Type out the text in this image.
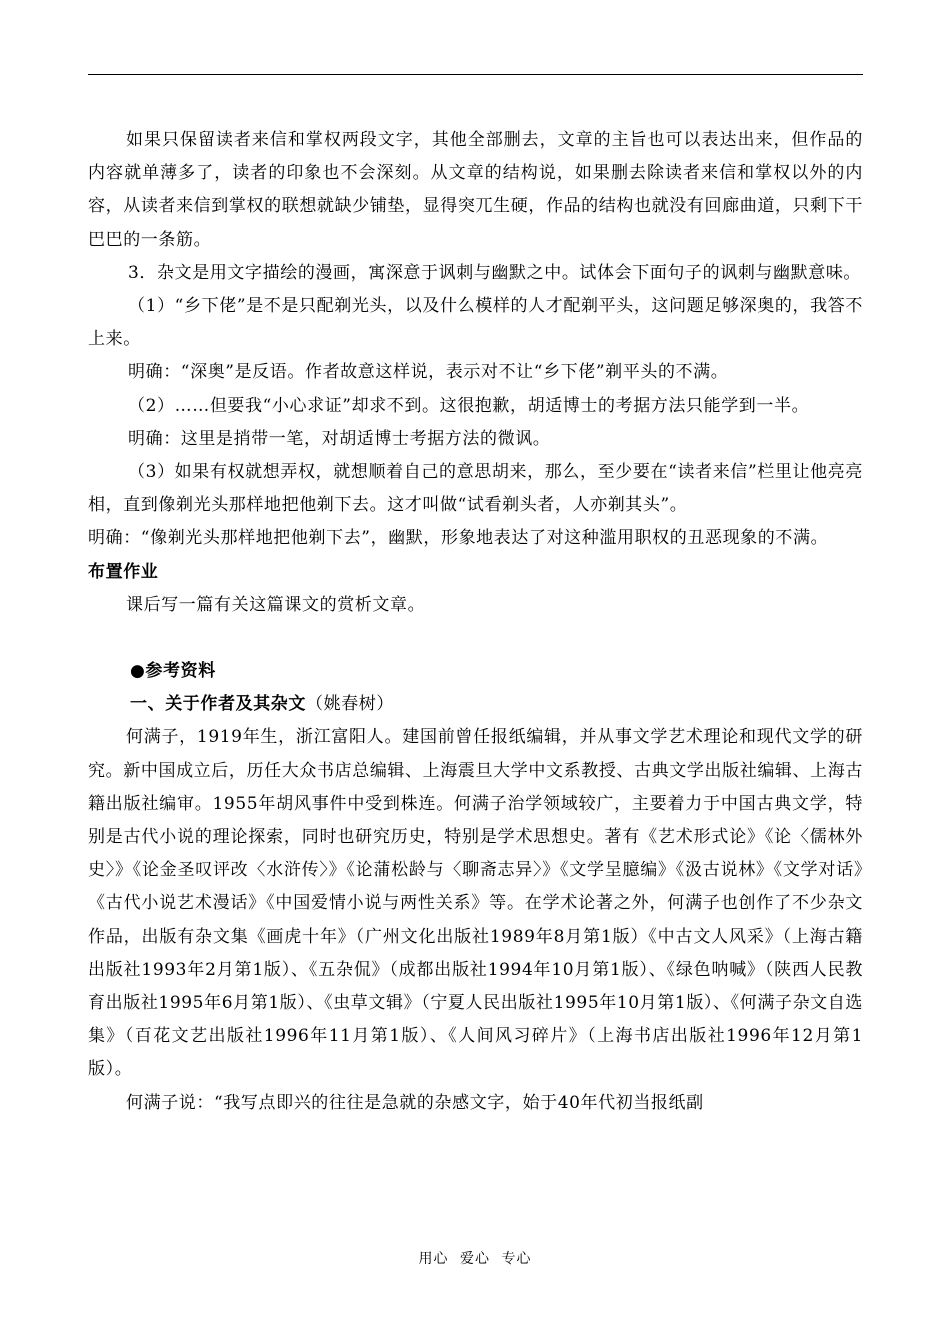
如果只保留读者来信和掌权两段文字，其他全部删去，文章的主旨也可以表达出来，但作品的内容就单薄多了，读者的印象也不会深刻。从文章的结构说，如果删去除读者来信和掌权以外的内容，从读者来信到掌权的联想就缺少铺垫，显得突兀生硬，作品的结构也就没有回廊曲道，只剩下干巴巴的一条筋。

3．杂文是用文字描绘的漫画，寓深意于讽刺与幽默之中。试体会下面句子的讽刺与幽默意味。

（1）“乡下佬”是不是只配剃光头，以及什么模样的人才配剃平头，这问题足够深奥的，我答不上来。

明确：“深奥”是反语。作者故意这样说，表示对不让“乡下佬”剃平头的不满。

（2）……但要我“小心求证”却求不到。这很抱歉，胡适博士的考据方法只能学到一半。

明确：这里是捎带一笔，对胡适博士考据方法的微讽。

（3）如果有权就想弄权，就想顺着自己的意思胡来，那么，至少要在“读者来信”栏里让他亮亮相，直到像剃光头那样地把他剃下去。这才叫做“试看剃头者，人亦剃其头”。

明确：“像剃光头那样地把他剃下去”，幽默，形象地表达了对这种滥用职权的丑恶现象的不满。

布置作业

课后写一篇有关这篇课文的赏析文章。

●参考资料

一、关于作者及其杂文（姚春树）

何满子，1919年生，浙江富阳人。建国前曾任报纸编辑，并从事文学艺术理论和现代文学的研究。新中国成立后，历任大众书店总编辑、上海震旦大学中文系教授、古典文学出版社编辑、上海古籍出版社编审。1955年胡风事件中受到株连。何满子治学领域较广，主要着力于中国古典文学，特别是古代小说的理论探索，同时也研究历史，特别是学术思想史。著有《艺术形式论》《论〈儒林外史〉》《论金圣叹评改〈水浒传〉》《论蒲松龄与〈聊斋志异〉》《文学呈臆编》《汲古说林》《文学对话》《古代小说艺术漫话》《中国爱情小说与两性关系》等。在学术论著之外，何满子也创作了不少杂文作品，出版有杂文集《画虎十年》（广州文化出版社1989年8月第1版）《中古文人风采》（上海古籍出版社1993年2月第1版）、《五杂侃》（成都出版社1994年10月第1版）、《绿色呐喊》（陕西人民教育出版社1995年6月第1版）、《虫草文辑》（宁夏人民出版社1995年10月第1版）、《何满子杂文自选集》（百花文艺出版社1996年11月第1版）、《人间风习碎片》（上海书店出版社1996年12月第1版）。

何满子说：“我写点即兴的往往是急就的杂感文字，始于40年代初当报纸副

用心 爱心 专心
